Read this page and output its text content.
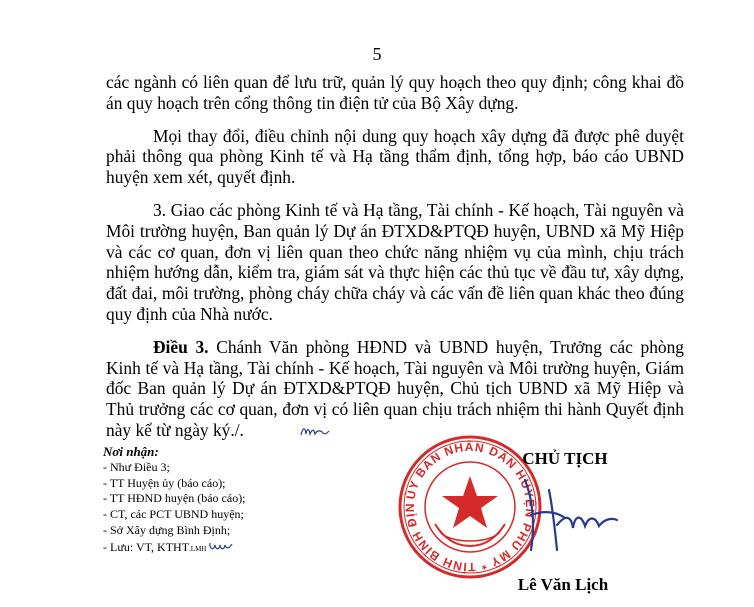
5

các ngành có liên quan để lưu trữ, quản lý quy hoạch theo quy định; công khai đồ án quy hoạch trên cổng thông tin điện tử của Bộ Xây dựng.

Mọi thay đổi, điều chỉnh nội dung quy hoạch xây dựng đã được phê duyệt phải thông qua phòng Kinh tế và Hạ tầng thẩm định, tổng hợp, báo cáo UBND huyện xem xét, quyết định.

3. Giao các phòng Kinh tế và Hạ tầng, Tài chính - Kế hoạch, Tài nguyên và Môi trường huyện, Ban quản lý Dự án ĐTXD&PTQĐ huyện, UBND xã Mỹ Hiệp và các cơ quan, đơn vị liên quan theo chức năng nhiệm vụ của mình, chịu trách nhiệm hướng dẫn, kiểm tra, giám sát và thực hiện các thủ tục về đầu tư, xây dựng, đất đai, môi trường, phòng cháy chữa cháy và các vấn đề liên quan khác theo đúng quy định của Nhà nước.

Điều 3. Chánh Văn phòng HĐND và UBND huyện, Trưởng các phòng Kinh tế và Hạ tầng, Tài chính - Kế hoạch, Tài nguyên và Môi trường huyện, Giám đốc Ban quản lý Dự án ĐTXD&PTQĐ huyện, Chủ tịch UBND xã Mỹ Hiệp và Thủ trưởng các cơ quan, đơn vị có liên quan chịu trách nhiệm thi hành Quyết định này kể từ ngày ký./.

Nơi nhận:
- Như Điều 3;
- TT Huyện ủy (báo cáo);
- TT HĐND huyện (báo cáo);
- CT, các PCT UBND huyện;
- Sở Xây dựng Bình Định;
- Lưu: VT, KTHT.LMH
ỦY BAN NHÂN DÂN HUYỆN PHÙ MỸ * TỈNH BÌNH ĐỊN
CHỦ TỊCH
Lê Văn Lịch
